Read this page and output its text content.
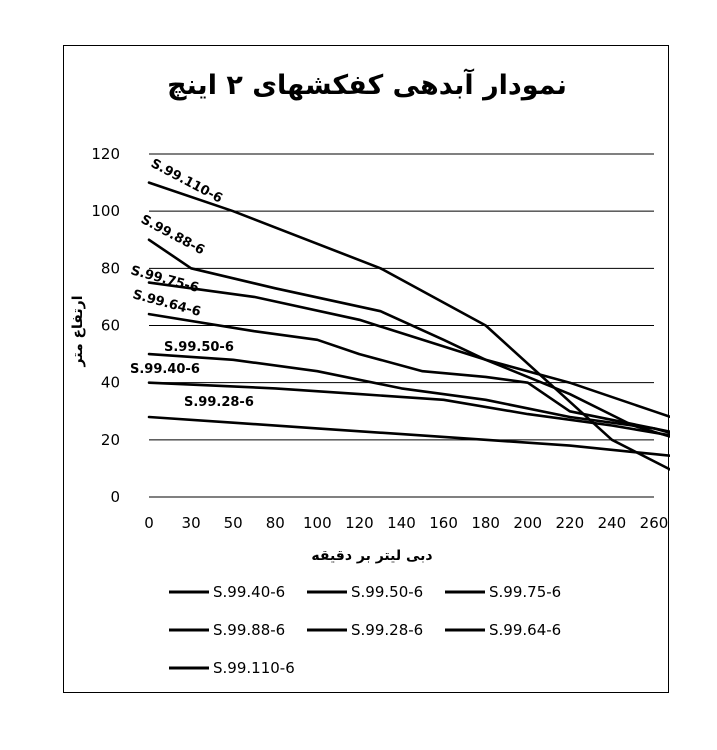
نمودار آبدهی کفکشهای ۲ اینچ
0
20
40
60
80
100
120
0 30 50 80 100 120 140 160 180 200 220 240 260
S.99.110-6
S.99.88-6
S.99.75-6
S.99.64-6
S.99.50-6
S.99.40-6
S.99.28-6
ارتفاع متر
دبی لیتر بر دقیقه
S.99.40-6	S.99.50-6	S.99.75-6
S.99.88-6	S.99.28-6	S.99.64-6
S.99.110-6
